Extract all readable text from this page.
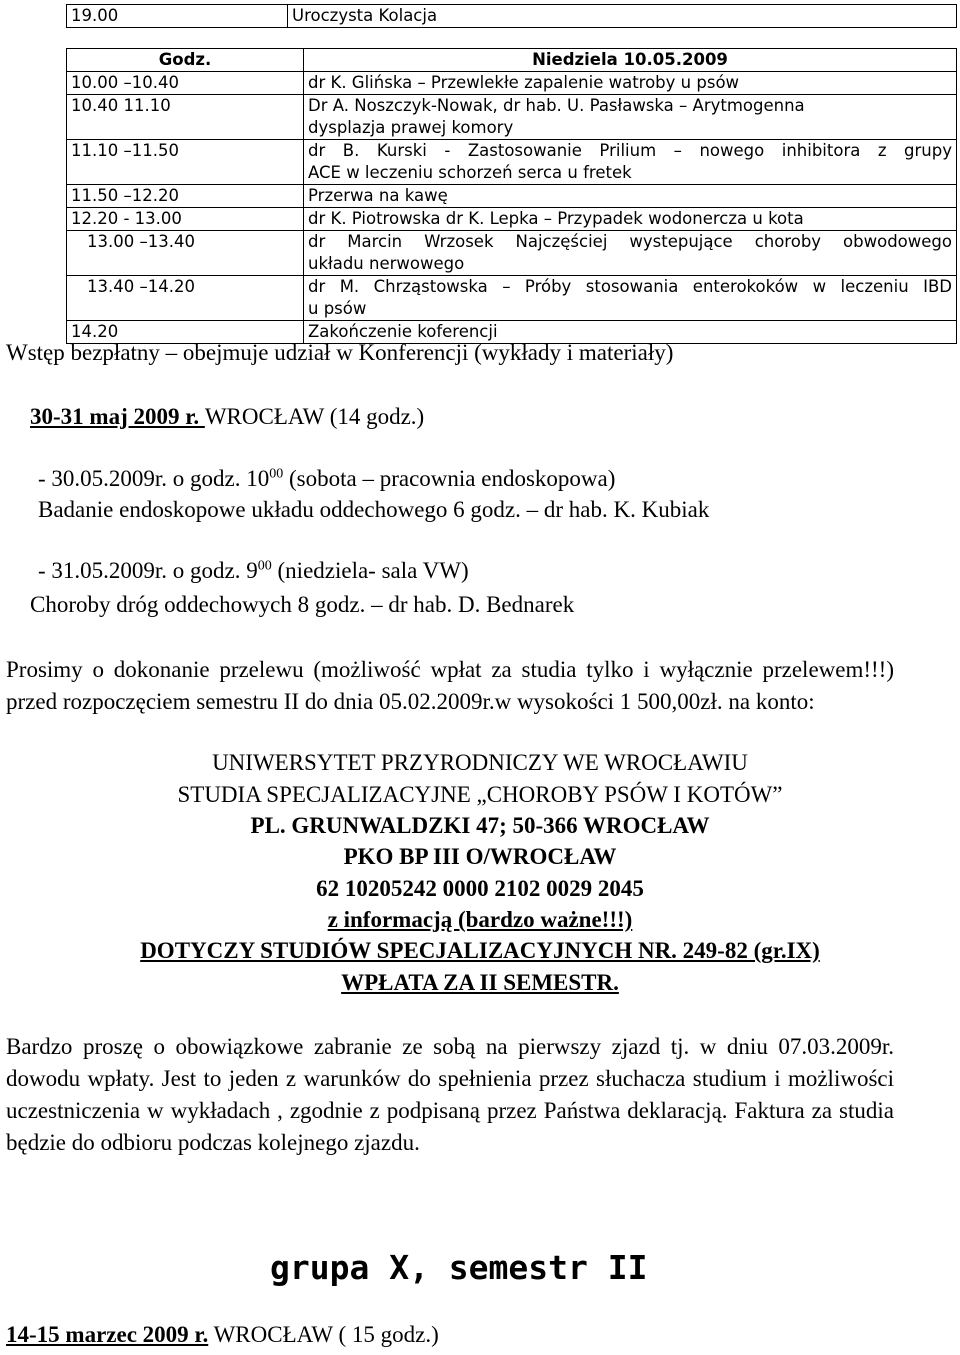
19.00	Uroczysta Kolacja
Godz.	Niedziela 10.05.2009
10.00 –10.40	dr K. Glińska – Przewlekłe zapalenie watroby u psów

10.40 11.10	Dr A. Noszczyk-Nowak, dr hab. U. Pasławska – Arytmogenna
dysplazja prawej komory

11.10 –11.50	dr B. Kurski - Zastosowanie Prilium – nowego inhibitora z grupy
ACE w leczeniu schorzeń serca u fretek

11.50 –12.20	Przerwa na kawę

12.20 - 13.00	dr K. Piotrowska dr K. Lepka – Przypadek wodonercza u kota

13.00 –13.40	dr Marcin Wrzosek Najczęściej wystepujące choroby obwodowego
układu nerwowego

13.40 –14.20	dr M. Chrząstowska – Próby stosowania enterokoków w leczeniu IBD
u psów

14.20	Zakończenie koferencji
Wstęp bezpłatny – obejmuje udział w Konferencji (wykłady i materiały)
30-31 maj 2009 r. WROCŁAW (14 godz.)
- 30.05.2009r. o godz. $10^{00}$ (sobota – pracownia endoskopowa)
Badanie endoskopowe układu oddechowego 6 godz. – dr hab. K. Kubiak
- 31.05.2009r. o godz. $9^{00}$ (niedziela- sala VW)
Choroby dróg oddechowych 8 godz. – dr hab. D. Bednarek
Prosimy o dokonanie przelewu (możliwość wpłat za studia tylko i wyłącznie przelewem!!!) przed rozpoczęciem semestru II do dnia 05.02.2009r.w wysokości 1 500,00zł. na konto:
UNIWERSYTET PRZYRODNICZY WE WROCŁAWIU
STUDIA SPECJALIZACYJNE „CHOROBY PSÓW I KOTÓW”
PL. GRUNWALDZKI 47; 50-366 WROCŁAW
PKO BP III O/WROCŁAW
62 10205242 0000 2102 0029 2045
z informacją (bardzo ważne!!!)
DOTYCZY STUDIÓW SPECJALIZACYJNYCH NR. 249-82 (gr.IX)
WPŁATA ZA II SEMESTR.
Bardzo proszę o obowiązkowe zabranie ze sobą na pierwszy zjazd tj. w dniu 07.03.2009r. dowodu wpłaty. Jest to jeden z warunków do spełnienia przez słuchacza studium i możliwości uczestniczenia w wykładach , zgodnie z podpisaną przez Państwa deklaracją. Faktura za studia będzie do odbioru podczas kolejnego zjazdu.
grupa X, semestr II
14-15 marzec 2009 r. WROCŁAW ( 15 godz.)
